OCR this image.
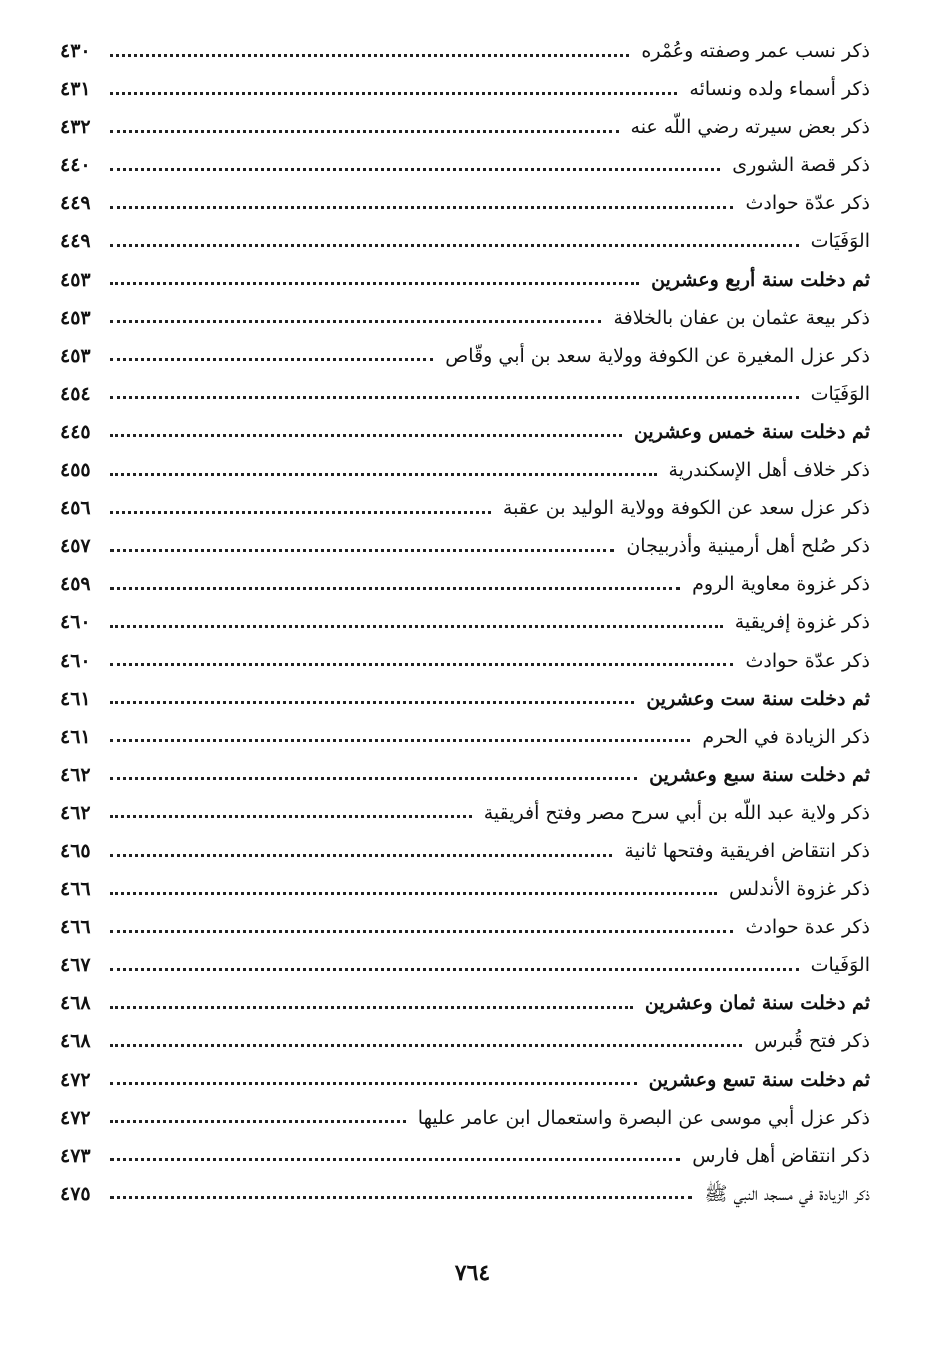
ذكر نسب عمر وصفته وعُمْره
٤٣٠
ذكر أسماء ولده ونسائه
٤٣١
ذكر بعض سيرته رضي اللّه عنه
٤٣٢
ذكر قصة الشورى
٤٤٠
ذكر عدّة حوادث
٤٤٩
الوَفَيَات
٤٤٩
ثم دخلت سنة أربع وعشرين
٤٥٣
ذكر بيعة عثمان بن عفان بالخلافة
٤٥٣
ذكر عزل المغيرة عن الكوفة وولاية سعد بن أبي وقّاص
٤٥٣
الوَفَيَات
٤٥٤
ثم دخلت سنة خمس وعشرين
٤٤٥
ذكر خلاف أهل الإسكندرية
٤٥٥
ذكر عزل سعد عن الكوفة وولاية الوليد بن عقبة
٤٥٦
ذكر صُلح أهل أرمينية وأذربيجان
٤٥٧
ذكر غزوة معاوية الروم
٤٥٩
ذكر غزوة إفريقية
٤٦٠
ذكر عدّة حوادث
٤٦٠
ثم دخلت سنة ست وعشرين
٤٦١
ذكر الزيادة في الحرم
٤٦١
ثم دخلت سنة سبع وعشرين
٤٦٢
ذكر ولاية عبد اللّه بن أبي سرح مصر وفتح أفريقية
٤٦٢
ذكر انتقاض افريقية وفتحها ثانية
٤٦٥
ذكر غزوة الأندلس
٤٦٦
ذكر عدة حوادث
٤٦٦
الوَفَيات
٤٦٧
ثم دخلت سنة ثمان وعشرين
٤٦٨
ذكر فتح قُبرس
٤٦٨
ثم دخلت سنة تسع وعشرين
٤٧٢
ذكر عزل أبي موسى عن البصرة واستعمال ابن عامر عليها
٤٧٢
ذكر انتقاض أهل فارس
٤٧٣
ذكر الزيادة في مسجد النبي ﷺ
٤٧٥
٧٦٤
